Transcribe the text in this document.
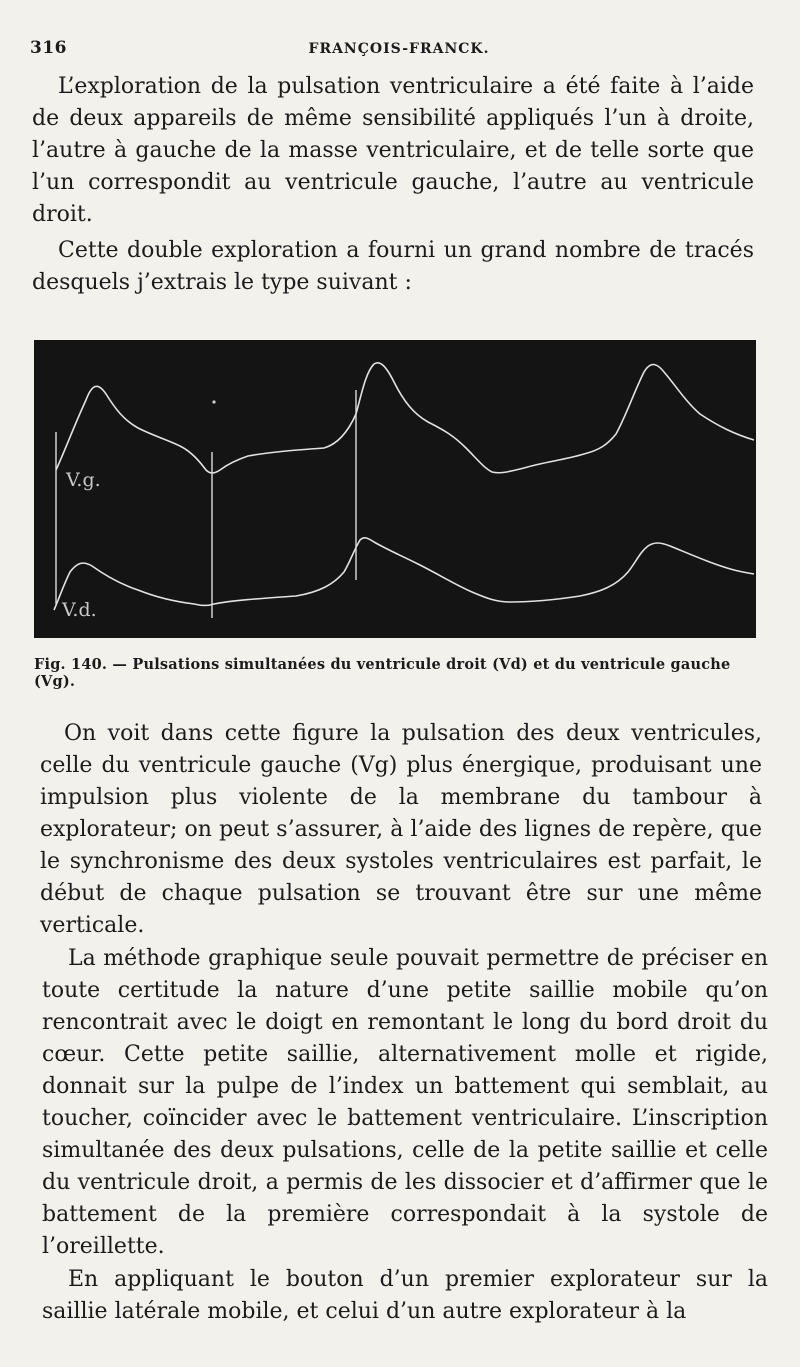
316	FRANÇOIS-FRANCK.

L’exploration de la pulsation ventriculaire a été faite à l’aide de deux appareils de même sensibilité appliqués l’un à droite, l’autre à gauche de la masse ventriculaire, et de telle sorte que l’un correspondit au ventricule gauche, l’autre au ventricule droit.

Cette double exploration a fourni un grand nombre de tracés desquels j’extrais le type suivant :

V.g.
V.d.
Fig. 140. — Pulsations simultanées du ventricule droit (Vd) et du ventricule gauche (Vg).

On voit dans cette figure la pulsation des deux ventricules, celle du ventricule gauche (Vg) plus énergique, produisant une impulsion plus violente de la membrane du tambour à explorateur; on peut s’assurer, à l’aide des lignes de repère, que le synchronisme des deux systoles ventriculaires est parfait, le début de chaque pulsation se trouvant être sur une même verticale.

La méthode graphique seule pouvait permettre de préciser en toute certitude la nature d’une petite saillie mobile qu’on rencontrait avec le doigt en remontant le long du bord droit du cœur. Cette petite saillie, alternativement molle et rigide, donnait sur la pulpe de l’index un battement qui semblait, au toucher, coïncider avec le battement ventriculaire. L’inscription simultanée des deux pulsations, celle de la petite saillie et celle du ventricule droit, a permis de les dissocier et d’affirmer que le battement de la première correspondait à la systole de l’oreillette.

En appliquant le bouton d’un premier explorateur sur la saillie latérale mobile, et celui d’un autre explorateur à la
